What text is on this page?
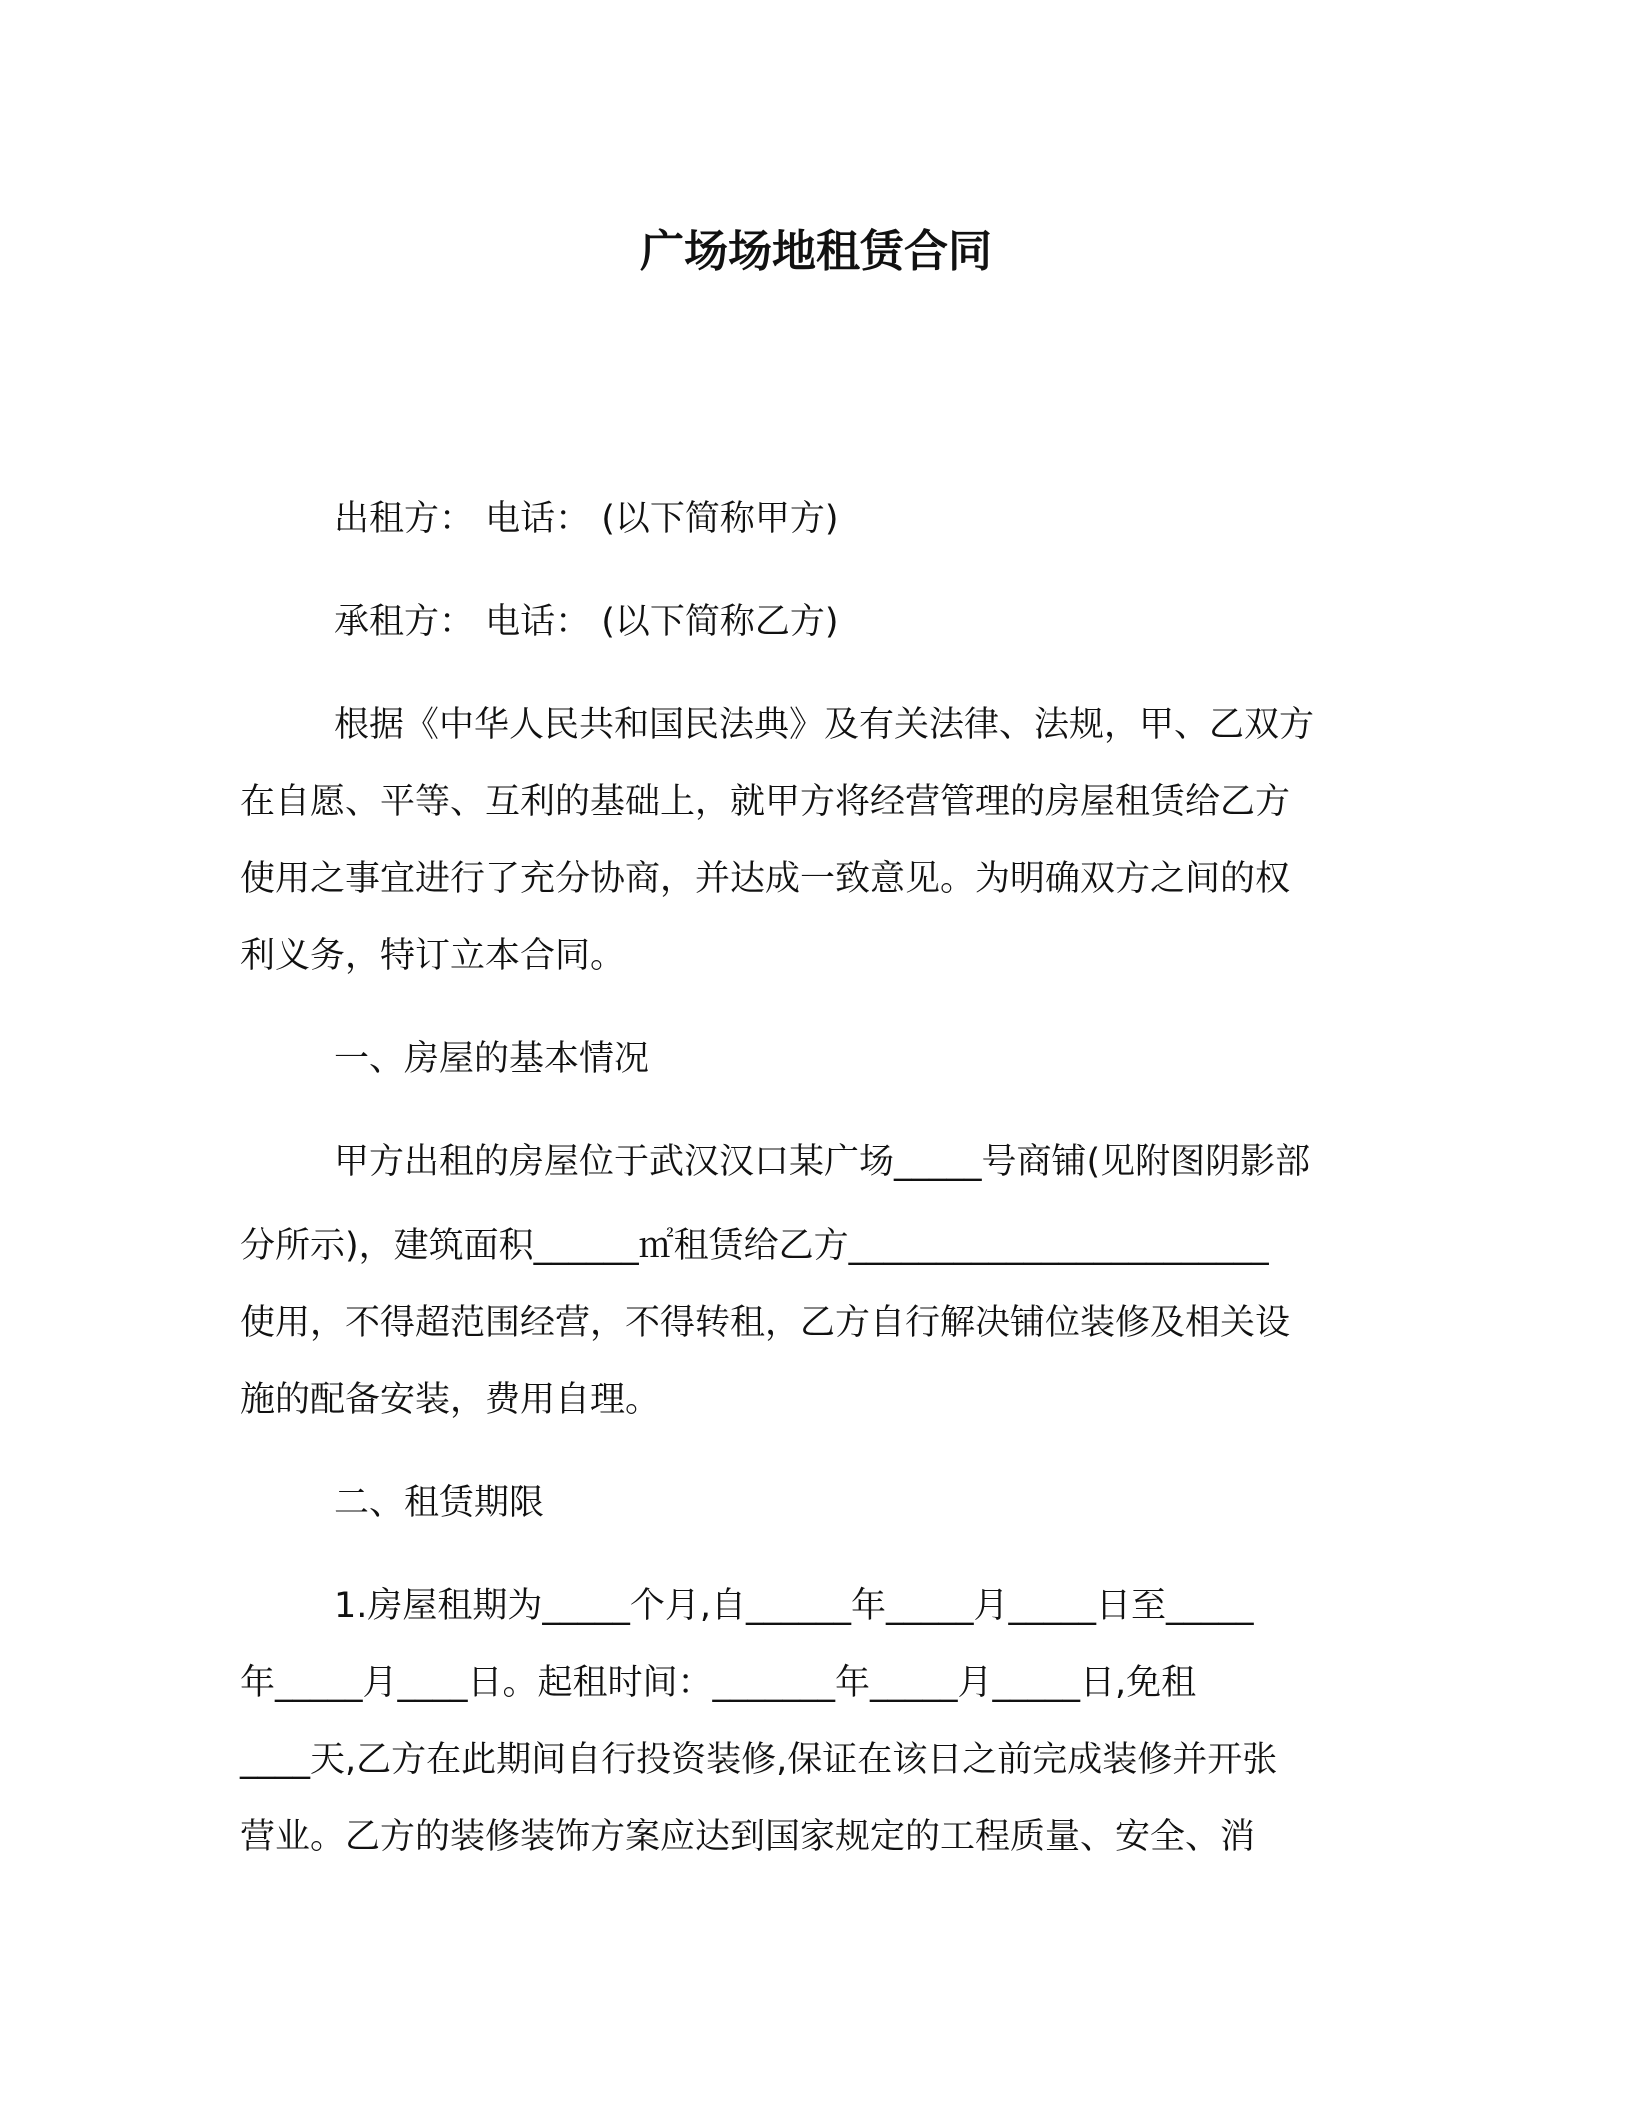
广场场地租赁合同
出租方： 电话： (以下简称甲方)
承租方： 电话： (以下简称乙方)
根据《中华人民共和国民法典》及有关法律、法规，甲、乙双方
在自愿、平等、互利的基础上，就甲方将经营管理的房屋租赁给乙方
使用之事宜进行了充分协商，并达成一致意见。为明确双方之间的权
利义务，特订立本合同。
一、房屋的基本情况
甲方出租的房屋位于武汉汉口某广场_____号商铺(见附图阴影部
分所示)，建筑面积______㎡租赁给乙方________________________
使用，不得超范围经营，不得转租，乙方自行解决铺位装修及相关设
施的配备安装，费用自理。
二、租赁期限
1.房屋租期为_____个月,自______年_____月_____日至_____
年_____月____日。起租时间：_______年_____月_____日,免租
____天,乙方在此期间自行投资装修,保证在该日之前完成装修并开张
营业。乙方的装修装饰方案应达到国家规定的工程质量、安全、消
